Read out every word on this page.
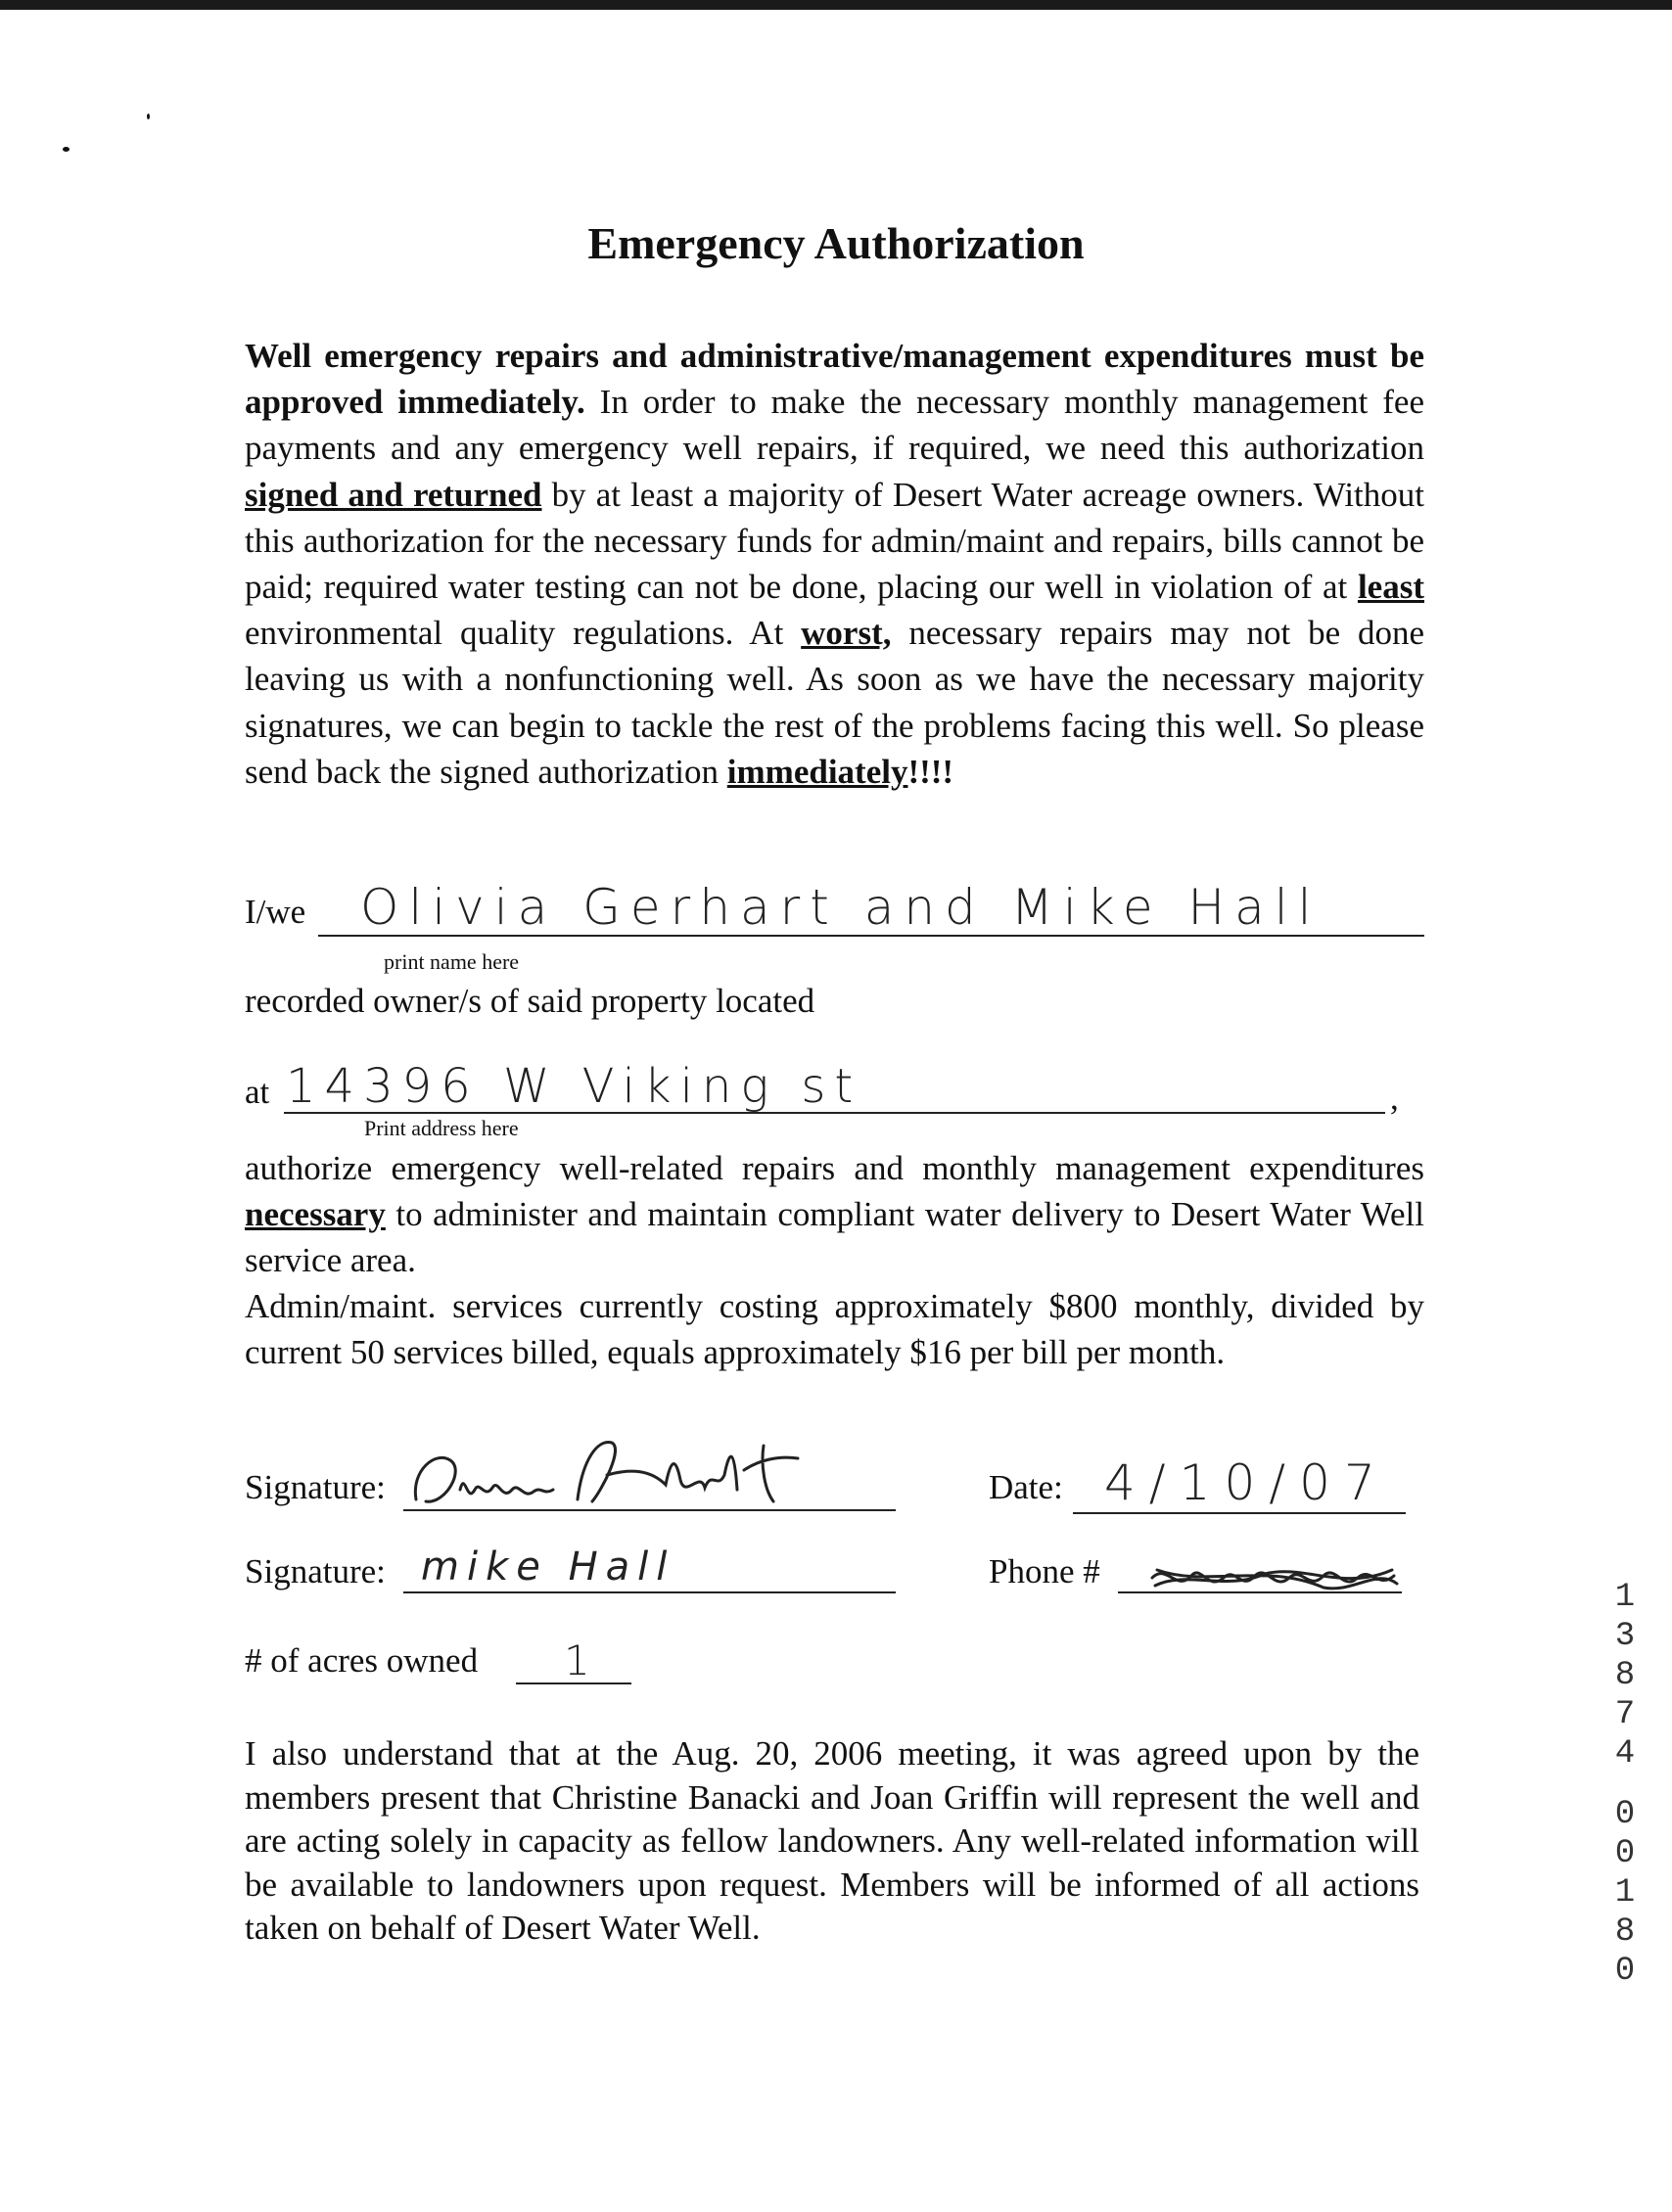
Emergency Authorization

Well emergency repairs and administrative/management expenditures must be approved immediately. In order to make the necessary monthly management fee payments and any emergency well repairs, if required, we need this authorization signed and returned by at least a majority of Desert Water acreage owners. Without this authorization for the necessary funds for admin/maint and repairs, bills cannot be paid; required water testing can not be done, placing our well in violation of at least environmental quality regulations. At worst, necessary repairs may not be done leaving us with a nonfunctioning well. As soon as we have the necessary majority signatures, we can begin to tackle the rest of the problems facing this well. So please send back the signed authorization immediately!!!!

I/we Olivia Gerhart and Mike Hall
print name here
recorded owner/s of said property located
at 14396 W Viking st	,
Print address here

authorize emergency well-related repairs and monthly management expenditures necessary to administer and maintain compliant water delivery to Desert Water Well service area.

Admin/maint. services currently costing approximately $800 monthly, divided by current 50 services billed, equals approximately $16 per bill per month.

Signature:	Date: 4/10/07
Signature: mike Hall	Phone #
# of acres owned 1

I also understand that at the Aug. 20, 2006 meeting, it was agreed upon by the members present that Christine Banacki and Joan Griffin will represent the well and are acting solely in capacity as fellow landowners. Any well-related information will be available to landowners upon request. Members will be informed of all actions taken on behalf of Desert Water Well.

1
3
8
7
4
0
0
1
8
0
